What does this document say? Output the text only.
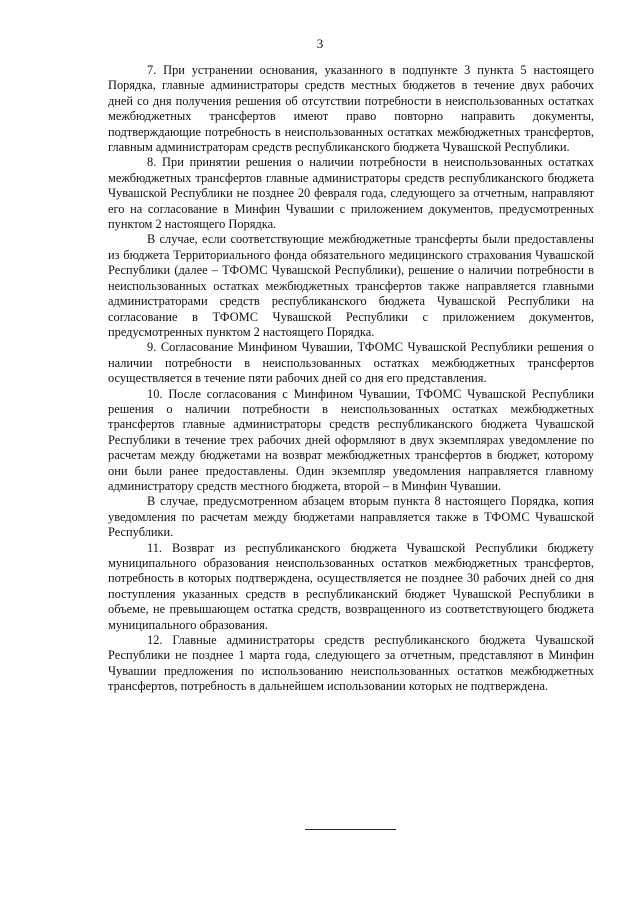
3

7. При устранении основания, указанного в подпункте 3 пункта 5 настоящего Порядка, главные администраторы средств местных бюджетов в течение двух рабочих дней со дня получения решения об отсутствии потребности в неиспользованных остатках межбюджетных трансфертов имеют право повторно направить документы, подтверждающие потребность в неиспользованных остатках межбюджетных трансфертов, главным администраторам средств республиканского бюджета Чувашской Республики.

8. При принятии решения о наличии потребности в неиспользованных остатках межбюджетных трансфертов главные администраторы средств республиканского бюджета Чувашской Республики не позднее 20 февраля года, следующего за отчетным, направляют его на согласование в Минфин Чувашии с приложением документов, предусмотренных пунктом 2 настоящего Порядка.

В случае, если соответствующие межбюджетные трансферты были предоставлены из бюджета Территориального фонда обязательного медицинского страхования Чувашской Республики (далее – ТФОМС Чувашской Республики), решение о наличии потребности в неиспользованных остатках межбюджетных трансфертов также направляется главными администраторами средств республиканского бюджета Чувашской Республики на согласование в ТФОМС Чувашской Республики с приложением документов, предусмотренных пунктом 2 настоящего Порядка.

9. Согласование Минфином Чувашии, ТФОМС Чувашской Республики решения о наличии потребности в неиспользованных остатках межбюджетных трансфертов осуществляется в течение пяти рабочих дней со дня его представления.

10. После согласования с Минфином Чувашии, ТФОМС Чувашской Республики решения о наличии потребности в неиспользованных остатках межбюджетных трансфертов главные администраторы средств республиканского бюджета Чувашской Республики в течение трех рабочих дней оформляют в двух экземплярах уведомление по расчетам между бюджетами на возврат межбюджетных трансфертов в бюджет, которому они были ранее предоставлены. Один экземпляр уведомления направляется главному администратору средств местного бюджета, второй – в Минфин Чувашии.

В случае, предусмотренном абзацем вторым пункта 8 настоящего Порядка, копия уведомления по расчетам между бюджетами направляется также в ТФОМС Чувашской Республики.

11. Возврат из республиканского бюджета Чувашской Республики бюджету муниципального образования неиспользованных остатков межбюджетных трансфертов, потребность в которых подтверждена, осуществляется не позднее 30 рабочих дней со дня поступления указанных средств в республиканский бюджет Чувашской Республики в объеме, не превышающем остатка средств, возвращенного из соответствующего бюджета муниципального образования.

12. Главные администраторы средств республиканского бюджета Чувашской Республики не позднее 1 марта года, следующего за отчетным, представляют в Минфин Чувашии предложения по использованию неиспользованных остатков межбюджетных трансфертов, потребность в дальнейшем использовании которых не подтверждена.
